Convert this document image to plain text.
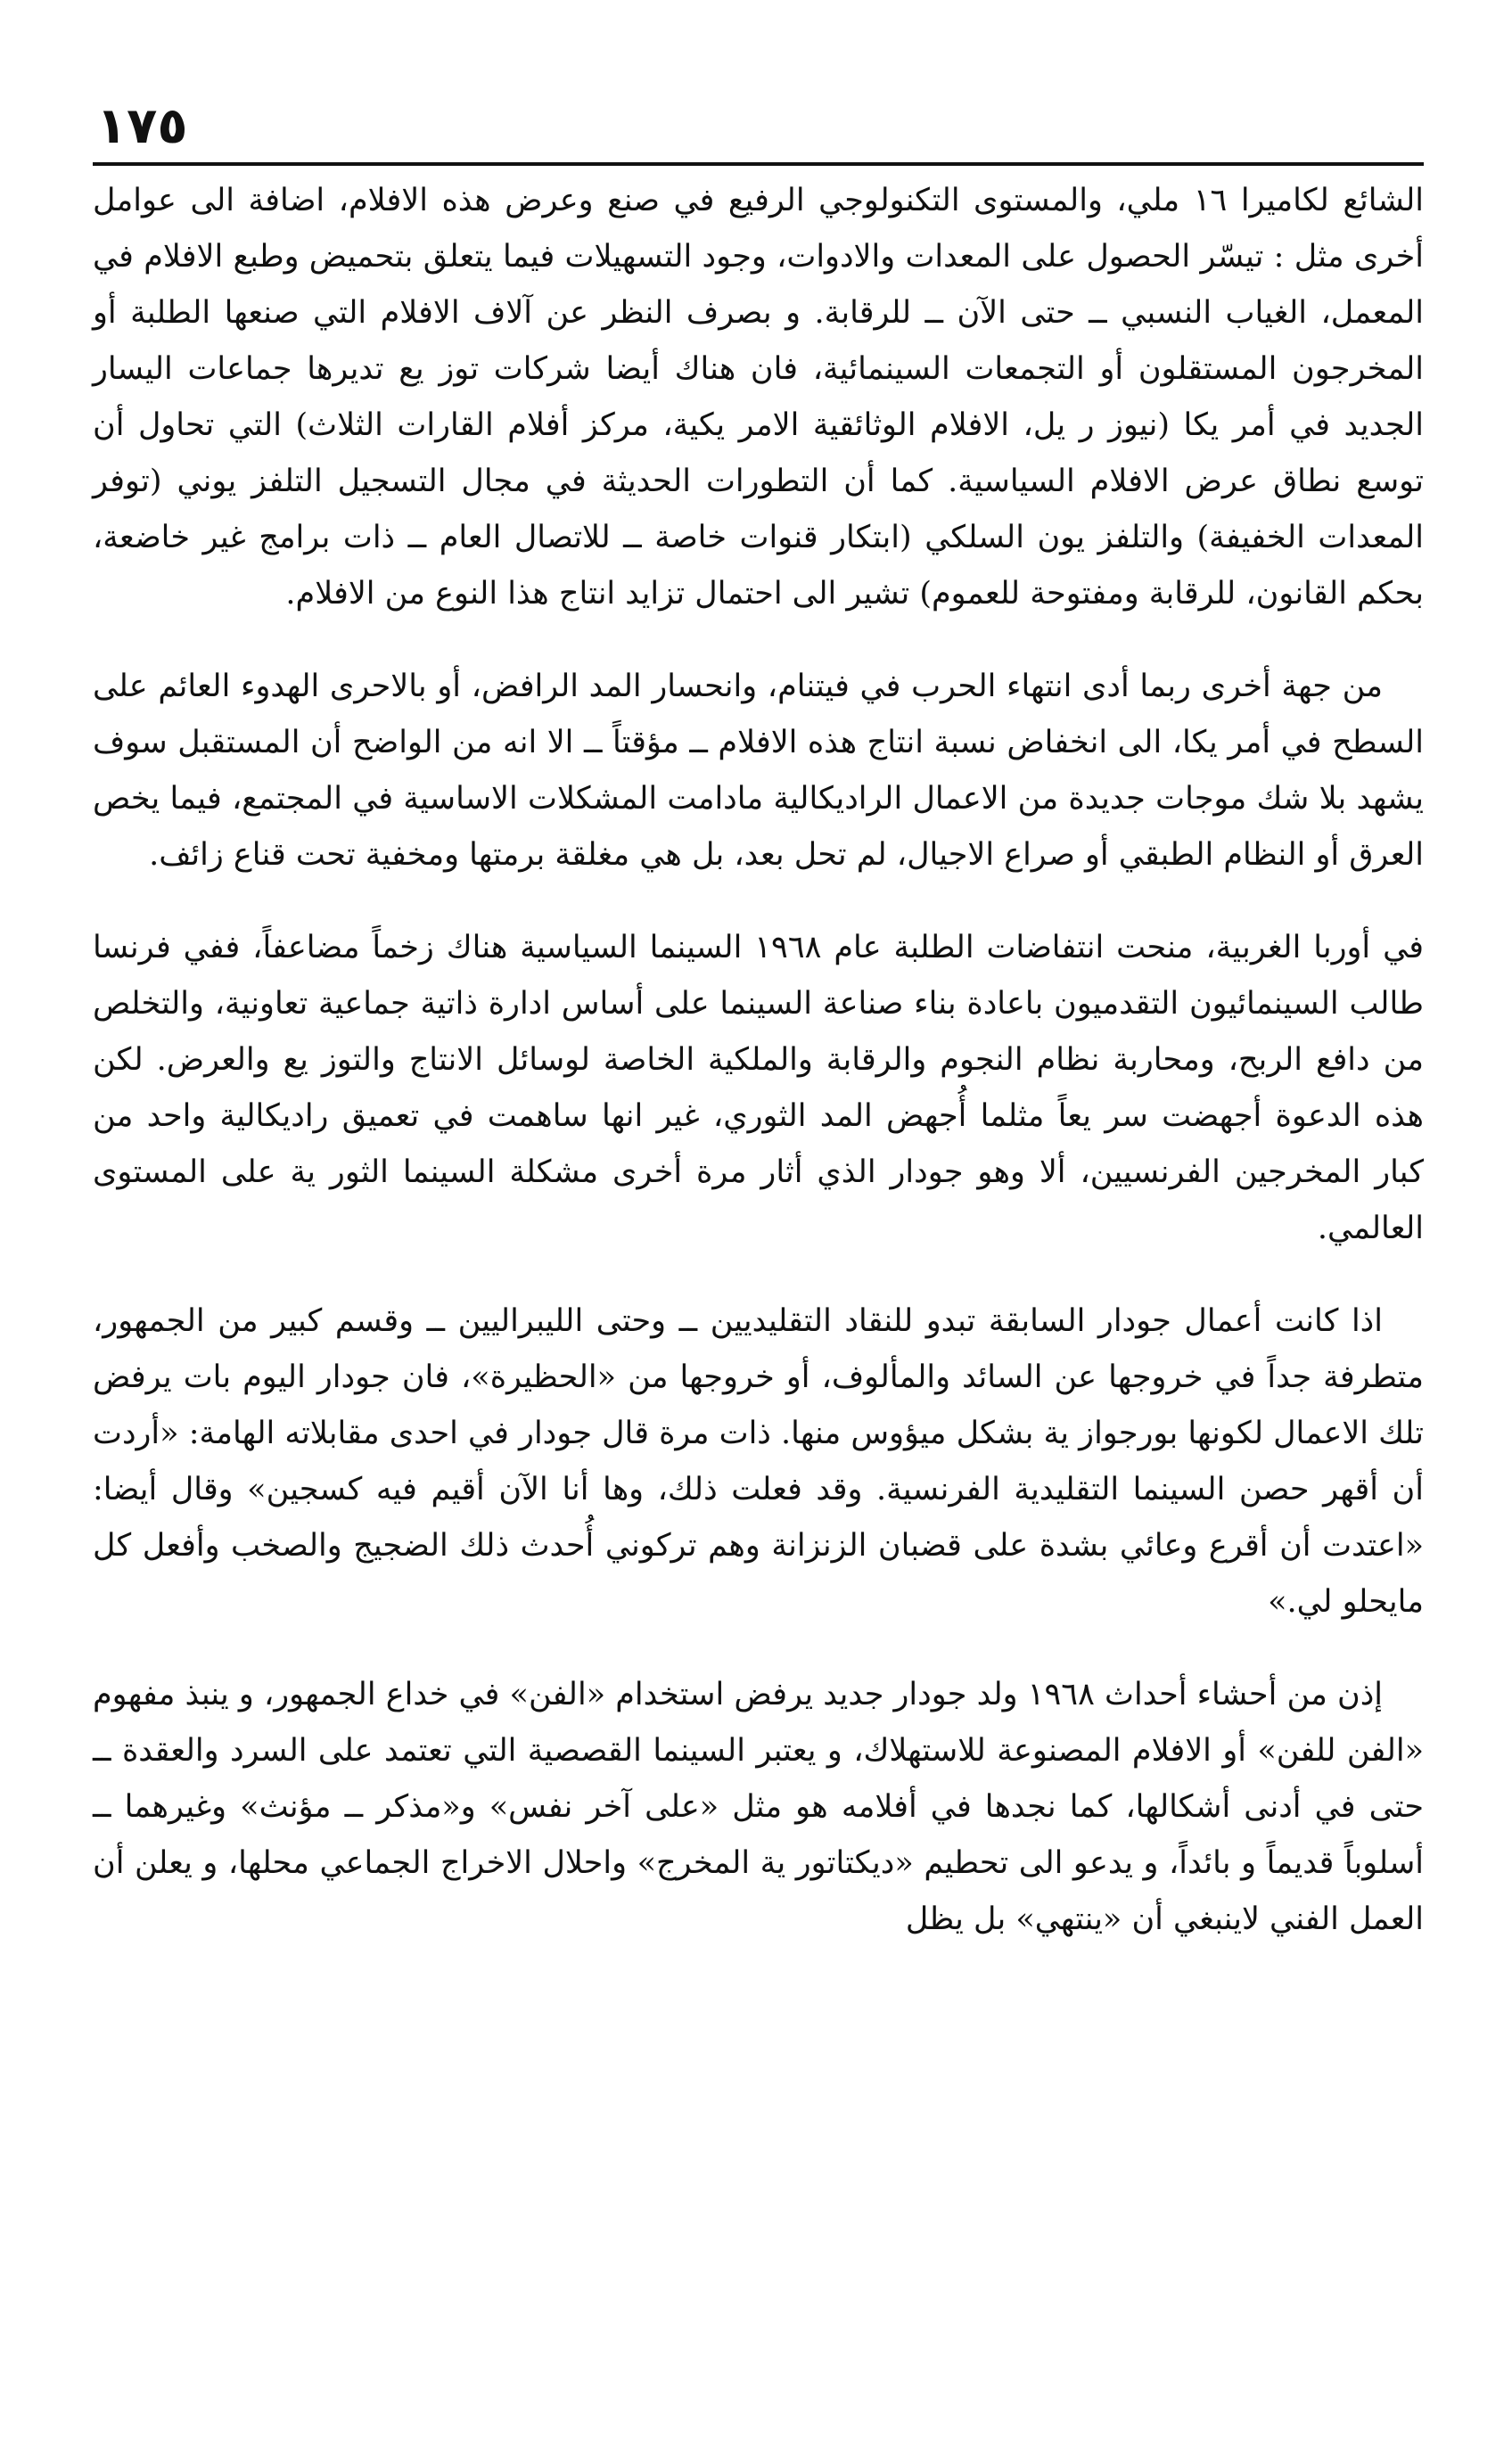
١٧٥

الشائع لكاميرا ١٦ ملي، والمستوى التكنولوجي الرفيع في صنع وعرض هذه الافلام، اضافة الى عوامل أخرى مثل : تيسّر الحصول على المعدات والادوات، وجود التسهيلات فيما يتعلق بتحميض وطبع الافلام في المعمل، الغياب النسبي ــ حتى الآن ــ للرقابة. و بصرف النظر عن آلاف الافلام التي صنعها الطلبة أو المخرجون المستقلون أو التجمعات السينمائية، فان هناك أيضا شركات توز يع تديرها جماعات اليسار الجديد في أمر يكا (نيوز ر يل، الافلام الوثائقية الامر يكية، مركز أفلام القارات الثلاث) التي تحاول أن توسع نطاق عرض الافلام السياسية. كما أن التطورات الحديثة في مجال التسجيل التلفز يوني (توفر المعدات الخفيفة) والتلفز يون السلكي (ابتكار قنوات خاصة ــ للاتصال العام ــ ذات برامج غير خاضعة، بحكم القانون، للرقابة ومفتوحة للعموم) تشير الى احتمال تزايد انتاج هذا النوع من الافلام.

من جهة أخرى ربما أدى انتهاء الحرب في فيتنام، وانحسار المد الرافض، أو بالاحرى الهدوء العائم على السطح في أمر يكا، الى انخفاض نسبة انتاج هذه الافلام ــ مؤقتاً ــ الا انه من الواضح أن المستقبل سوف يشهد بلا شك موجات جديدة من الاعمال الراديكالية مادامت المشكلات الاساسية في المجتمع، فيما يخص العرق أو النظام الطبقي أو صراع الاجيال، لم تحل بعد، بل هي مغلقة برمتها ومخفية تحت قناع زائف.

في أوربا الغربية، منحت انتفاضات الطلبة عام ١٩٦٨ السينما السياسية هناك زخماً مضاعفاً، ففي فرنسا طالب السينمائيون التقدميون باعادة بناء صناعة السينما على أساس ادارة ذاتية جماعية تعاونية، والتخلص من دافع الربح، ومحاربة نظام النجوم والرقابة والملكية الخاصة لوسائل الانتاج والتوز يع والعرض. لكن هذه الدعوة أجهضت سر يعاً مثلما أُجهض المد الثوري، غير انها ساهمت في تعميق راديكالية واحد من كبار المخرجين الفرنسيين، ألا وهو جودار الذي أثار مرة أخرى مشكلة السينما الثور ية على المستوى العالمي.

اذا كانت أعمال جودار السابقة تبدو للنقاد التقليديين ــ وحتى الليبراليين ــ وقسم كبير من الجمهور، متطرفة جداً في خروجها عن السائد والمألوف، أو خروجها من «الحظيرة»، فان جودار اليوم بات يرفض تلك الاعمال لكونها بورجواز ية بشكل ميؤوس منها. ذات مرة قال جودار في احدى مقابلاته الهامة: «أردت أن أقهر حصن السينما التقليدية الفرنسية. وقد فعلت ذلك، وها أنا الآن أقيم فيه كسجين» وقال أيضا: «اعتدت أن أقرع وعائي بشدة على قضبان الزنزانة وهم تركوني أُحدث ذلك الضجيج والصخب وأفعل كل مايحلو لي.»

إذن من أحشاء أحداث ١٩٦٨ ولد جودار جديد يرفض استخدام «الفن» في خداع الجمهور، و ينبذ مفهوم «الفن للفن» أو الافلام المصنوعة للاستهلاك، و يعتبر السينما القصصية التي تعتمد على السرد والعقدة ــ حتى في أدنى أشكالها، كما نجدها في أفلامه هو مثل «على آخر نفس» و«مذكر ــ مؤنث» وغيرهما ــ أسلوباً قديماً و بائداً، و يدعو الى تحطيم «ديكتاتور ية المخرج» واحلال الاخراج الجماعي محلها، و يعلن أن العمل الفني لاينبغي أن «ينتهي» بل يظل
